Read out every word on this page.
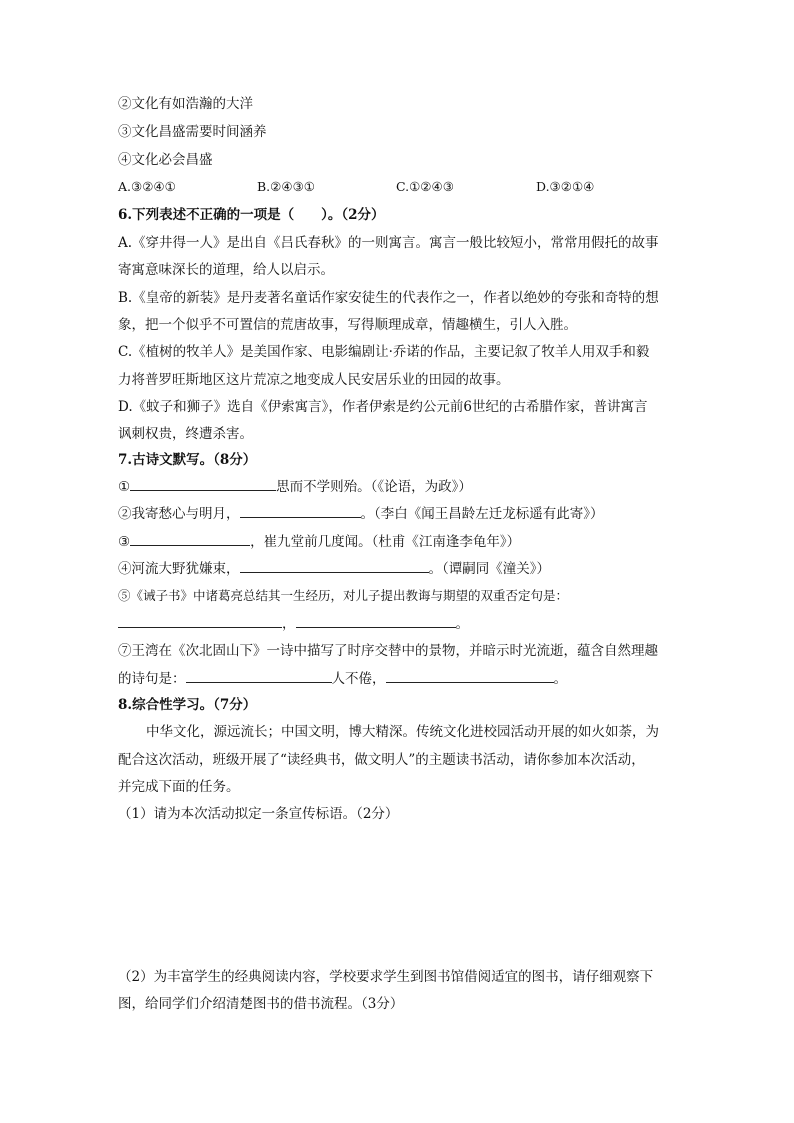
②文化有如浩瀚的大洋
③文化昌盛需要时间涵养
④文化必会昌盛
A.③②④①	B.②④③①	C.①②④③	D.③②①④
6.下列表述不正确的一项是（　　）。（2分）
A.《穿井得一人》是出自《吕氏春秋》的一则寓言。寓言一般比较短小，常常用假托的故事
寄寓意味深长的道理，给人以启示。
B.《皇帝的新装》是丹麦著名童话作家安徒生的代表作之一，作者以绝妙的夸张和奇特的想
象，把一个似乎不可置信的荒唐故事，写得顺理成章，情趣横生，引人入胜。
C.《植树的牧羊人》是美国作家、电影编剧让·乔诺的作品，主要记叙了牧羊人用双手和毅
力将普罗旺斯地区这片荒凉之地变成人民安居乐业的田园的故事。
D.《蚊子和狮子》选自《伊索寓言》，作者伊索是约公元前6世纪的古希腊作家，普讲寓言
讽刺权贵，终遭杀害。
7.古诗文默写。（8分）
①	思而不学则殆。（《论语，为政》）
②我寄愁心与明月，	。（李白《闻王昌龄左迁龙标遥有此寄》）
③	，崔九堂前几度闻。（杜甫《江南逢李龟年》）
④河流大野犹嫌束，	。（谭嗣同《潼关》）
⑤《诫子书》中诸葛亮总结其一生经历，对儿子提出教诲与期望的双重否定句是：
，	。
⑦王湾在《次北固山下》一诗中描写了时序交替中的景物，并暗示时光流逝，蕴含自然理趣
的诗句是：	人不倦，	。
8.综合性学习。（7分）
中华文化，源远流长；中国文明，博大精深。传统文化进校园活动开展的如火如荼，为
配合这次活动，班级开展了“读经典书，做文明人”的主题读书活动，请你参加本次活动，
并完成下面的任务。
（1）请为本次活动拟定一条宣传标语。（2分）
（2）为丰富学生的经典阅读内容，学校要求学生到图书馆借阅适宜的图书，请仔细观察下
图，给同学们介绍清楚图书的借书流程。（3分）
